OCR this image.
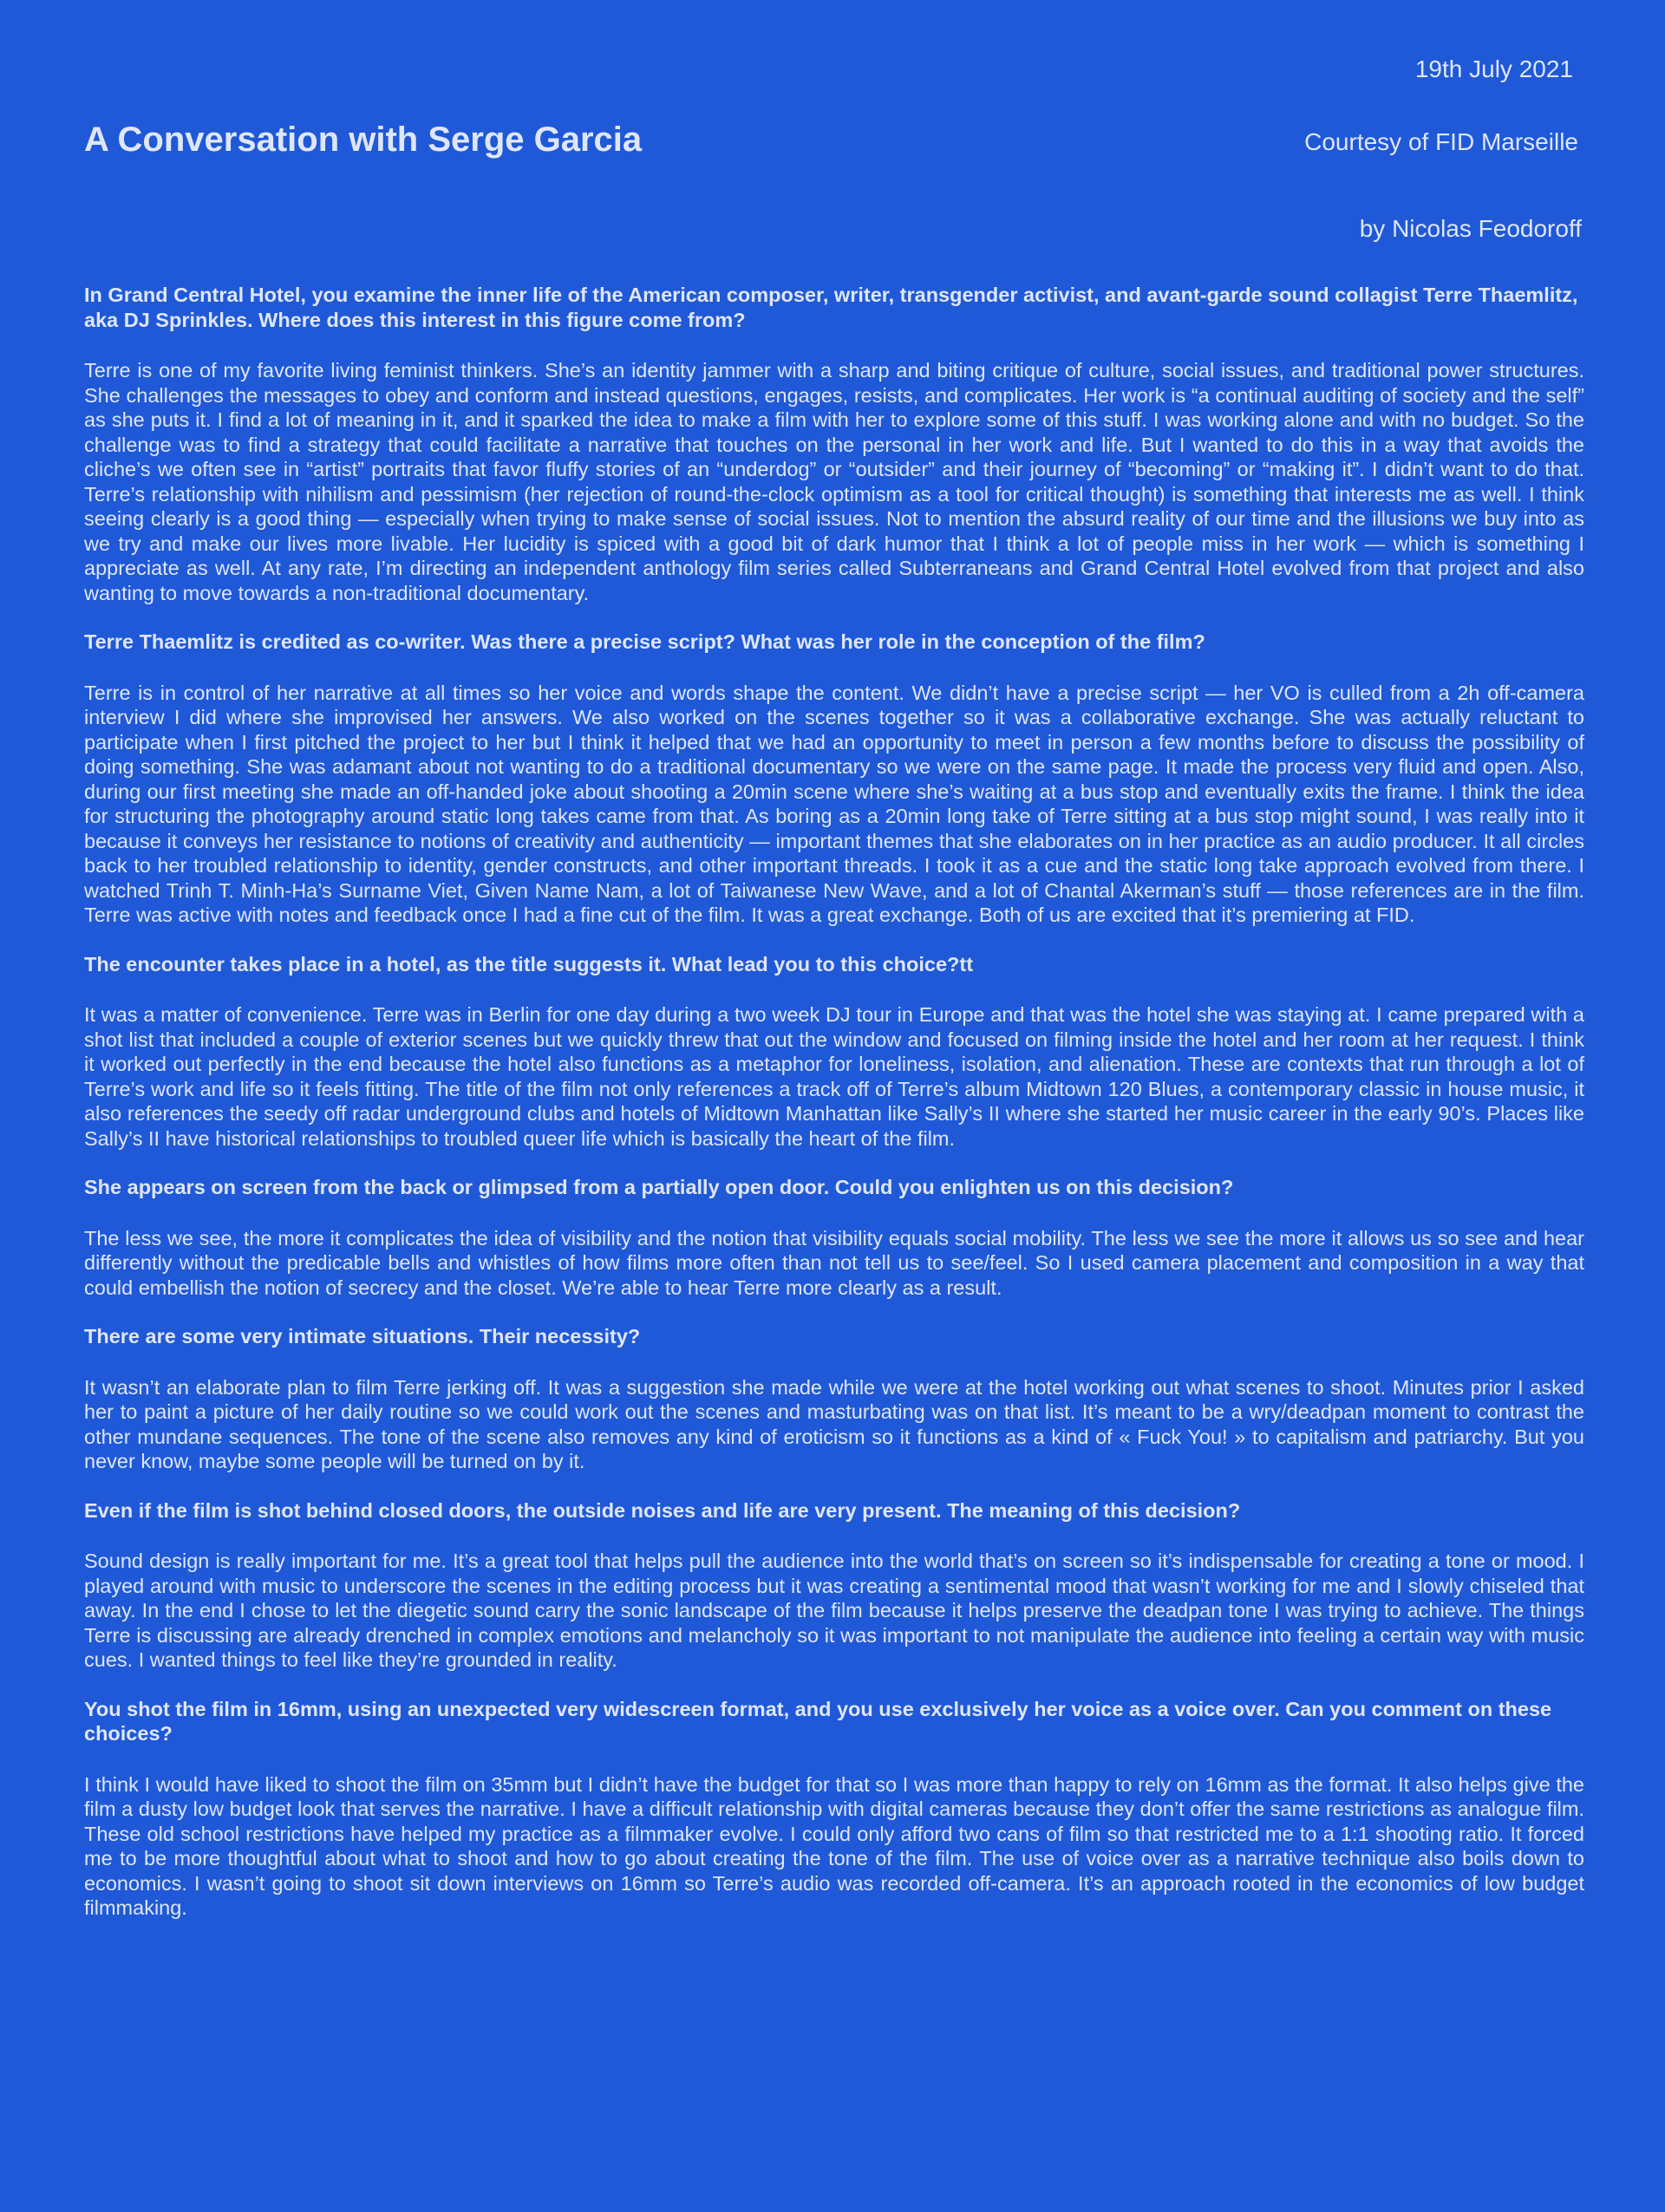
19th July 2021
A Conversation with Serge Garcia	Courtesy of FID Marseille
by Nicolas Feodoroff

In Grand Central Hotel, you examine the inner life of the American composer, writer, transgender activist, and avant-garde sound collagist Terre Thaemlitz, aka DJ Sprinkles. Where does this interest in this figure come from?

Terre is one of my favorite living feminist thinkers. She’s an identity jammer with a sharp and biting critique of culture, social issues, and traditional power structures. She challenges the messages to obey and conform and instead questions, engages, resists, and complicates. Her work is “a continual auditing of society and the self” as she puts it. I find a lot of meaning in it, and it sparked the idea to make a film with her to explore some of this stuff. I was working alone and with no budget. So the challenge was to find a strategy that could facilitate a narrative that touches on the personal in her work and life. But I wanted to do this in a way that avoids the cliche’s we often see in “artist” portraits that favor fluffy stories of an “underdog” or “outsider” and their journey of “becoming” or “making it”. I didn’t want to do that. Terre’s relationship with nihilism and pessimism (her rejection of round-the-clock optimism as a tool for critical thought) is something that interests me as well. I think seeing clearly is a good thing — especially when trying to make sense of social issues. Not to mention the absurd reality of our time and the illusions we buy into as we try and make our lives more livable. Her lucidity is spiced with a good bit of dark humor that I think a lot of people miss in her work — which is something I appreciate as well. At any rate, I’m directing an independent anthology film series called Subterraneans and Grand Central Hotel evolved from that project and also wanting to move towards a non-traditional documentary.

Terre Thaemlitz is credited as co-writer. Was there a precise script? What was her role in the conception of the film?

Terre is in control of her narrative at all times so her voice and words shape the content. We didn’t have a precise script — her VO is culled from a 2h off-camera interview I did where she improvised her answers. We also worked on the scenes together so it was a collaborative exchange. She was actually reluctant to participate when I first pitched the project to her but I think it helped that we had an opportunity to meet in person a few months before to discuss the possibility of doing something. She was adamant about not wanting to do a traditional documentary so we were on the same page. It made the process very fluid and open. Also, during our first meeting she made an off-handed joke about shooting a 20min scene where she’s waiting at a bus stop and eventually exits the frame. I think the idea for structuring the photography around static long takes came from that. As boring as a 20min long take of Terre sitting at a bus stop might sound, I was really into it because it conveys her resistance to notions of creativity and authenticity — important themes that she elaborates on in her practice as an audio producer. It all circles back to her troubled relationship to identity, gender constructs, and other important threads. I took it as a cue and the static long take approach evolved from there. I watched Trinh T. Minh-Ha’s Surname Viet, Given Name Nam, a lot of Taiwanese New Wave, and a lot of Chantal Akerman’s stuff — those references are in the film. Terre was active with notes and feedback once I had a fine cut of the film. It was a great exchange. Both of us are excited that it’s premiering at FID.

The encounter takes place in a hotel, as the title suggests it. What lead you to this choice?tt

It was a matter of convenience. Terre was in Berlin for one day during a two week DJ tour in Europe and that was the hotel she was staying at. I came prepared with a shot list that included a couple of exterior scenes but we quickly threw that out the window and focused on filming inside the hotel and her room at her request. I think it worked out perfectly in the end because the hotel also functions as a metaphor for loneliness, isolation, and alienation. These are contexts that run through a lot of Terre’s work and life so it feels fitting. The title of the film not only references a track off of Terre’s album Midtown 120 Blues, a contemporary classic in house music, it also references the seedy off radar underground clubs and hotels of Midtown Manhattan like Sally’s II where she started her music career in the early 90’s. Places like Sally’s II have historical relationships to troubled queer life which is basically the heart of the film.

She appears on screen from the back or glimpsed from a partially open door. Could you enlighten us on this decision?

The less we see, the more it complicates the idea of visibility and the notion that visibility equals social mobility. The less we see the more it allows us so see and hear differently without the predicable bells and whistles of how films more often than not tell us to see/feel. So I used camera placement and composition in a way that could embellish the notion of secrecy and the closet. We’re able to hear Terre more clearly as a result.

There are some very intimate situations. Their necessity?

It wasn’t an elaborate plan to film Terre jerking off. It was a suggestion she made while we were at the hotel working out what scenes to shoot. Minutes prior I asked her to paint a picture of her daily routine so we could work out the scenes and masturbating was on that list. It’s meant to be a wry/deadpan moment to contrast the other mundane sequences. The tone of the scene also removes any kind of eroticism so it functions as a kind of « Fuck You! » to capitalism and patriarchy. But you never know, maybe some people will be turned on by it.

Even if the film is shot behind closed doors, the outside noises and life are very present. The meaning of this decision?

Sound design is really important for me. It’s a great tool that helps pull the audience into the world that’s on screen so it’s indispensable for creating a tone or mood. I played around with music to underscore the scenes in the editing process but it was creating a sentimental mood that wasn’t working for me and I slowly chiseled that away. In the end I chose to let the diegetic sound carry the sonic landscape of the film because it helps preserve the deadpan tone I was trying to achieve. The things Terre is discussing are already drenched in complex emotions and melancholy so it was important to not manipulate the audience into feeling a certain way with music cues. I wanted things to feel like they’re grounded in reality.

You shot the film in 16mm, using an unexpected very widescreen format, and you use exclusively her voice as a voice over. Can you comment on these choices?

I think I would have liked to shoot the film on 35mm but I didn’t have the budget for that so I was more than happy to rely on 16mm as the format. It also helps give the film a dusty low budget look that serves the narrative. I have a difficult relationship with digital cameras because they don’t offer the same restrictions as analogue film. These old school restrictions have helped my practice as a filmmaker evolve. I could only afford two cans of film so that restricted me to a 1:1 shooting ratio. It forced me to be more thoughtful about what to shoot and how to go about creating the tone of the film. The use of voice over as a narrative technique also boils down to economics. I wasn’t going to shoot sit down interviews on 16mm so Terre’s audio was recorded off-camera. It’s an approach rooted in the economics of low budget filmmaking.
